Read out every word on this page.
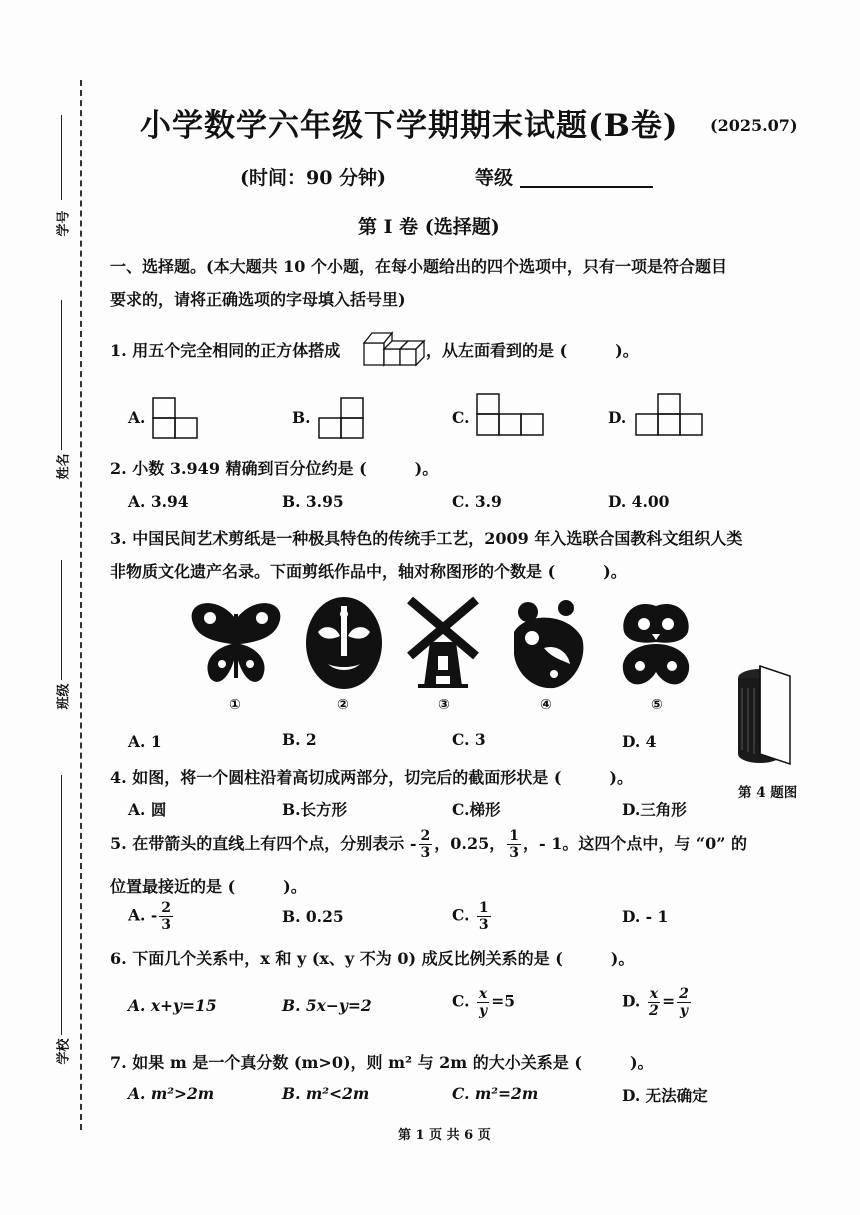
学号
姓名
班级
学校
小学数学六年级下学期期末试题(B卷) (2025.07)
(时间：90 分钟)	等级
第 I 卷 (选择题)
一、选择题。(本大题共 10 个小题，在每小题给出的四个选项中，只有一项是符合题目
要求的，请将正确选项的字母填入括号里)
1. 用五个完全相同的正方体搭成	，从左面看到的是 (　　　)。
A.	B.	C.	D.
2. 小数 3.949 精确到百分位约是 (　　　)。
A. 3.94	B. 3.95	C. 3.9	D. 4.00
3. 中国民间艺术剪纸是一种极具特色的传统手工艺，2009 年入选联合国教科文组织人类
非物质文化遗产名录。下面剪纸作品中，轴对称图形的个数是 (　　　)。
①	②	③	④	⑤
A. 1	B. 2	C. 3	D. 4
第 4 题图
4. 如图，将一个圆柱沿着高切成两部分，切完后的截面形状是 (　　　)。
A. 圆	B.长方形	C.梯形	D.三角形
5. 在带箭头的直线上有四个点，分别表示 - $\frac{2}{3}$ ，0.25， $\frac{1}{3}$ ，- 1。这四个点中，与 “0” 的
位置最接近的是 (　　　)。
A. - $\frac{2}{3}$	B. 0.25	C. $\frac{1}{3}$	D. - 1
6. 下面几个关系中，x 和 y (x、y 不为 0) 成反比例关系的是 (　　　)。
A. x+y=15	B. 5x−y=2	C. $\frac{x}{y} =5$	D. $\frac{x}{2} = \frac{2}{y}$
7. 如果 m 是一个真分数 (m>0)，则 m² 与 2m 的大小关系是 (　　　)。
A. m²>2m	B. m²<2m	C. m²=2m	D. 无法确定
第 1 页 共 6 页
